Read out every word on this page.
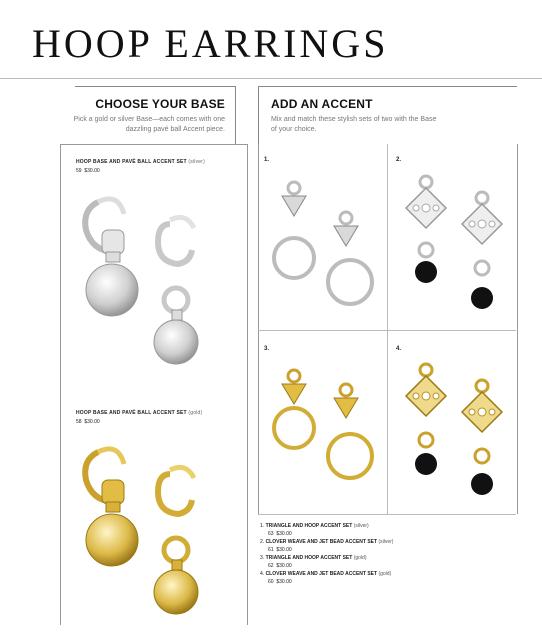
HOOP EARRINGS
CHOOSE YOUR BASE
Pick a gold or silver Base—each comes with one dazzling pavé ball Accent piece.
ADD AN ACCENT
Mix and match these stylish sets of two with the Base of your choice.
HOOP BASE AND PAVÉ BALL ACCENT SET (silver)
59 $30.00
HOOP BASE AND PAVÉ BALL ACCENT SET (gold)
58 $30.00
1.	2.
3.	4.
1. TRIANGLE AND HOOP ACCENT SET (silver)
63 $30.00
2. CLOVER WEAVE AND JET BEAD ACCENT SET (silver)
61 $30.00
3. TRIANGLE AND HOOP ACCENT SET (gold)
62 $30.00
4. CLOVER WEAVE AND JET BEAD ACCENT SET (gold)
60 $30.00
